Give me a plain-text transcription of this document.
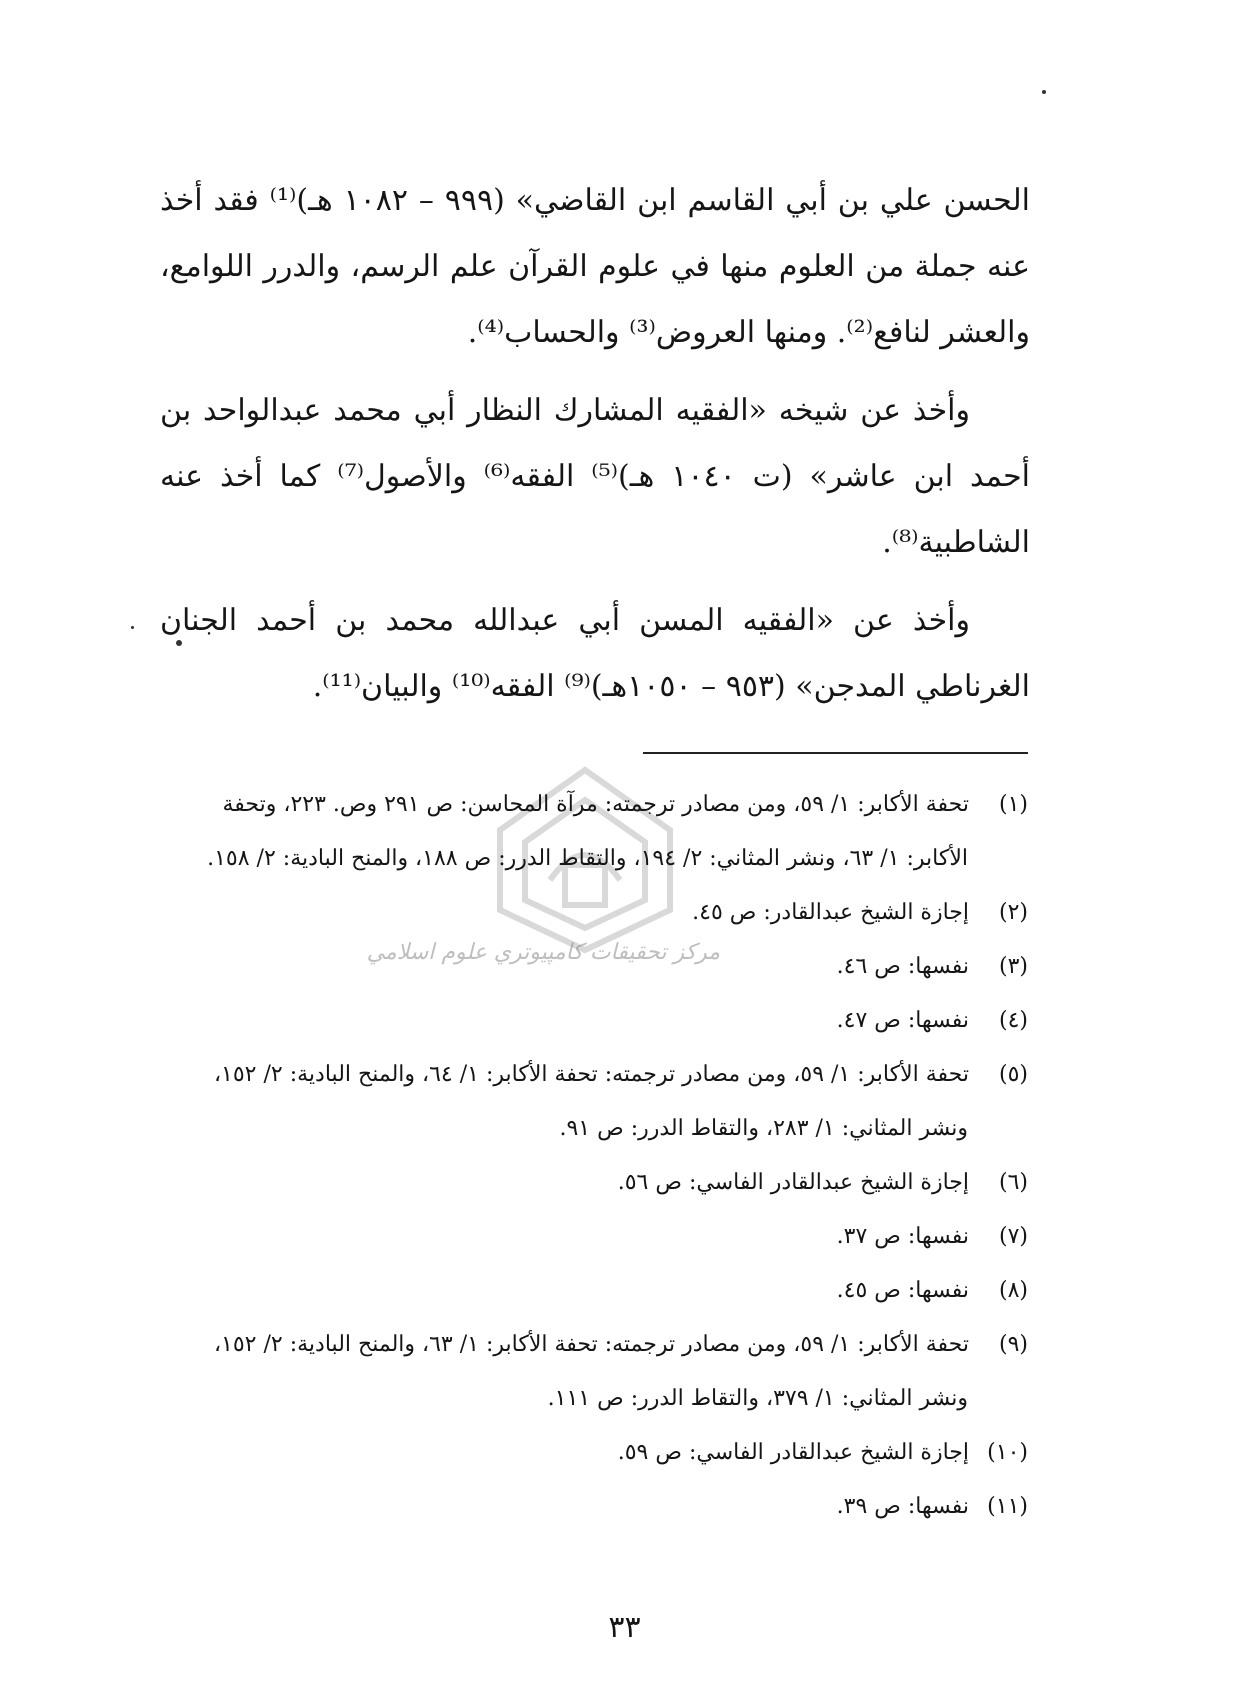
الحسن علي بن أبي القاسم ابن القاضي» (٩٩٩ – ١٠٨٢ هـ)⁽¹⁾ فقد أخذ عنه جملة من العلوم منها في علوم القرآن علم الرسم، والدرر اللوامع، والعشر لنافع⁽²⁾. ومنها العروض⁽³⁾ والحساب⁽⁴⁾.

وأخذ عن شيخه «الفقيه المشارك النظار أبي محمد عبدالواحد بن أحمد ابن عاشر» (ت ١٠٤٠ هـ)⁽⁵⁾ الفقه⁽⁶⁾ والأصول⁽⁷⁾ كما أخذ عنه الشاطبية⁽⁸⁾.

وأخذ عن «الفقيه المسن أبي عبدالله محمد بن أحمد الجنان الغرناطي المدجن» (٩٥٣ – ١٠٥٠هـ)⁽⁹⁾ الفقه⁽¹⁰⁾ والبيان⁽¹¹⁾.

مركز تحقيقات كامپيوتري علوم اسلامي

(١) تحفة الأكابر: ١/ ٥٩، ومن مصادر ترجمته: مرآة المحاسن: ص ٢٩١ وص. ٢٢٣، وتحفة الأكابر: ١/ ٦٣، ونشر المثاني: ٢/ ١٩٤، والتقاط الدرر: ص ١٨٨، والمنح البادية: ٢/ ١٥٨.

(٢) إجازة الشيخ عبدالقادر: ص ٤٥.

(٣) نفسها: ص ٤٦.

(٤) نفسها: ص ٤٧.

(٥) تحفة الأكابر: ١/ ٥٩، ومن مصادر ترجمته: تحفة الأكابر: ١/ ٦٤، والمنح البادية: ٢/ ١٥٢، ونشر المثاني: ١/ ٢٨٣، والتقاط الدرر: ص ٩١.

(٦) إجازة الشيخ عبدالقادر الفاسي: ص ٥٦.

(٧) نفسها: ص ٣٧.

(٨) نفسها: ص ٤٥.

(٩) تحفة الأكابر: ١/ ٥٩، ومن مصادر ترجمته: تحفة الأكابر: ١/ ٦٣، والمنح البادية: ٢/ ١٥٢، ونشر المثاني: ١/ ٣٧٩، والتقاط الدرر: ص ١١١.

(١٠) إجازة الشيخ عبدالقادر الفاسي: ص ٥٩.

(١١) نفسها: ص ٣٩.

٣٣
